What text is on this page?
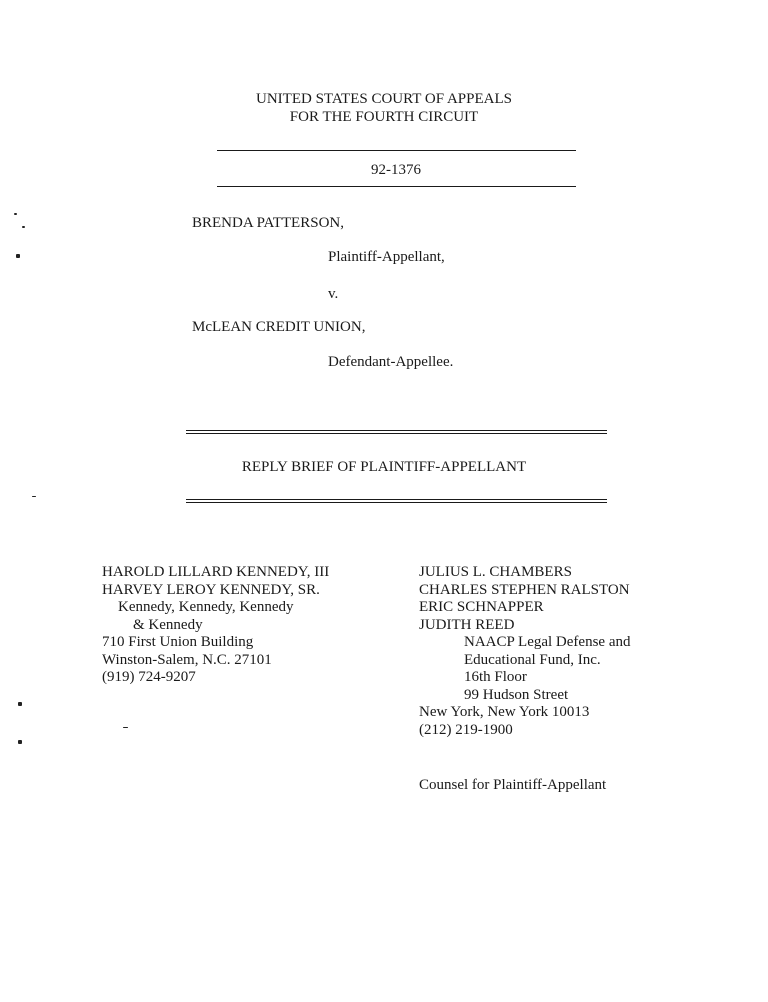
UNITED STATES COURT OF APPEALS
FOR THE FOURTH CIRCUIT
92-1376
BRENDA PATTERSON,
Plaintiff-Appellant,
v.
McLEAN CREDIT UNION,
Defendant-Appellee.
REPLY BRIEF OF PLAINTIFF-APPELLANT
HAROLD LILLARD KENNEDY, III
HARVEY LEROY KENNEDY, SR.
Kennedy, Kennedy, Kennedy
& Kennedy
710 First Union Building
Winston-Salem, N.C. 27101
(919) 724-9207
JULIUS L. CHAMBERS
CHARLES STEPHEN RALSTON
ERIC SCHNAPPER
JUDITH REED
NAACP Legal Defense and
Educational Fund, Inc.
16th Floor
99 Hudson Street
New York, New York 10013
(212) 219-1900
Counsel for Plaintiff-Appellant
